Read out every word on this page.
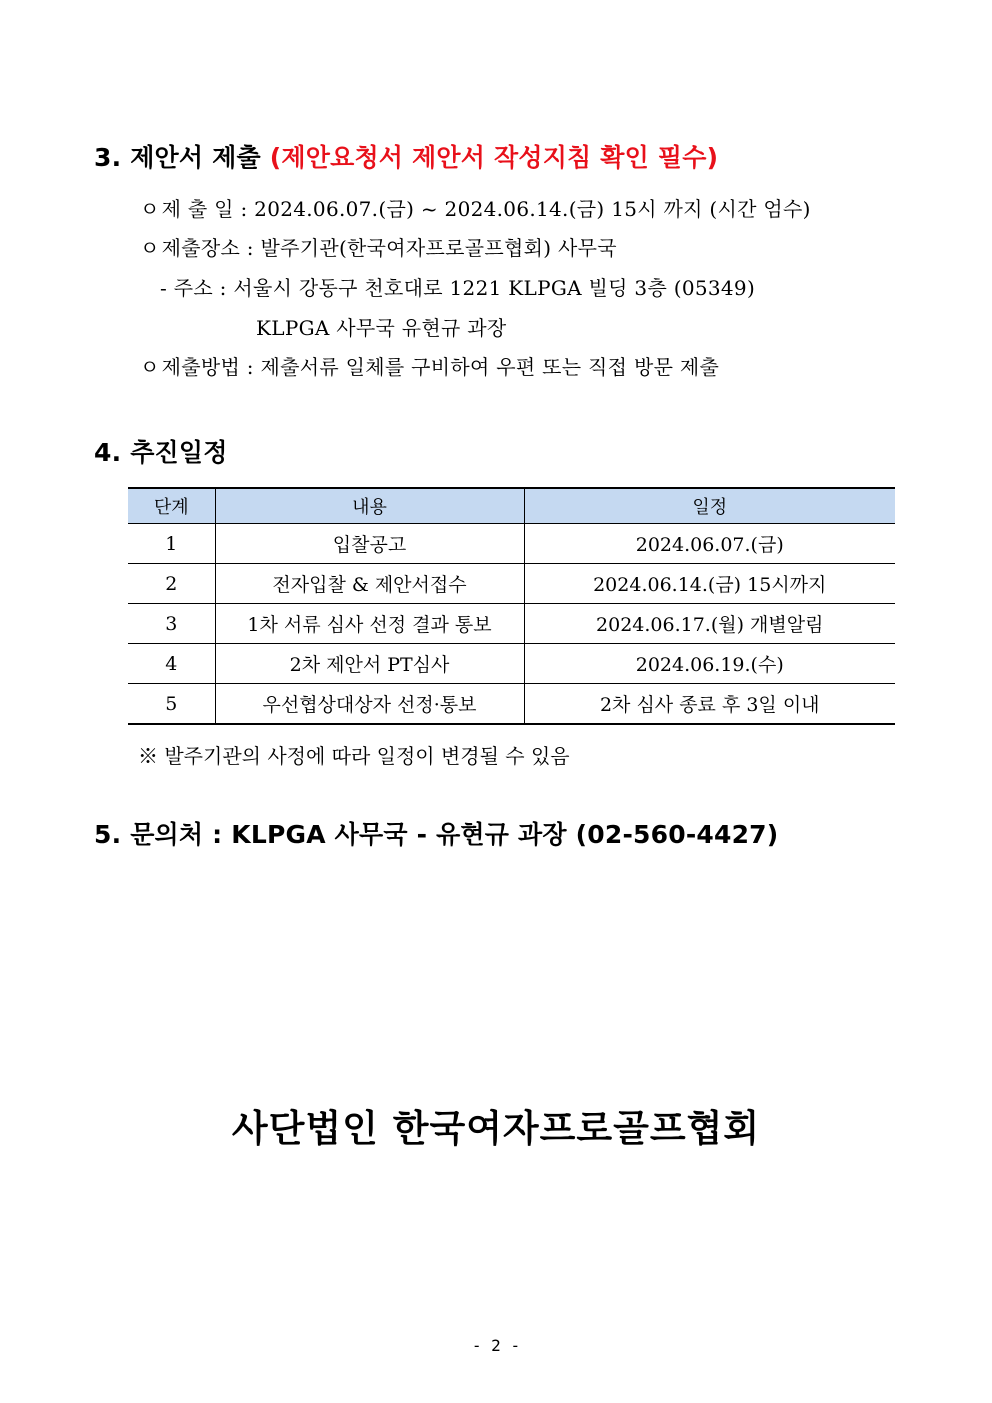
3. 제안서 제출 (제안요청서 제안서 작성지침 확인 필수)
ㅇ 제 출 일 : 2024.06.07.(금) ~ 2024.06.14.(금) 15시 까지 (시간 엄수)
ㅇ 제출장소 : 발주기관(한국여자프로골프협회) 사무국
- 주소 : 서울시 강동구 천호대로 1221 KLPGA 빌딩 3층 (05349)
KLPGA 사무국 유현규 과장
ㅇ 제출방법 : 제출서류 일체를 구비하여 우편 또는 직접 방문 제출
4. 추진일정
단계	내용	일정
1	입찰공고	2024.06.07.(금)
2	전자입찰 & 제안서접수	2024.06.14.(금) 15시까지
3	1차 서류 심사 선정 결과 통보	2024.06.17.(월) 개별알림
4	2차 제안서 PT심사	2024.06.19.(수)
5	우선협상대상자 선정·통보	2차 심사 종료 후 3일 이내
※ 발주기관의 사정에 따라 일정이 변경될 수 있음
5. 문의처 : KLPGA 사무국 - 유현규 과장 (02-560-4427)
사단법인 한국여자프로골프협회
- 2 -
